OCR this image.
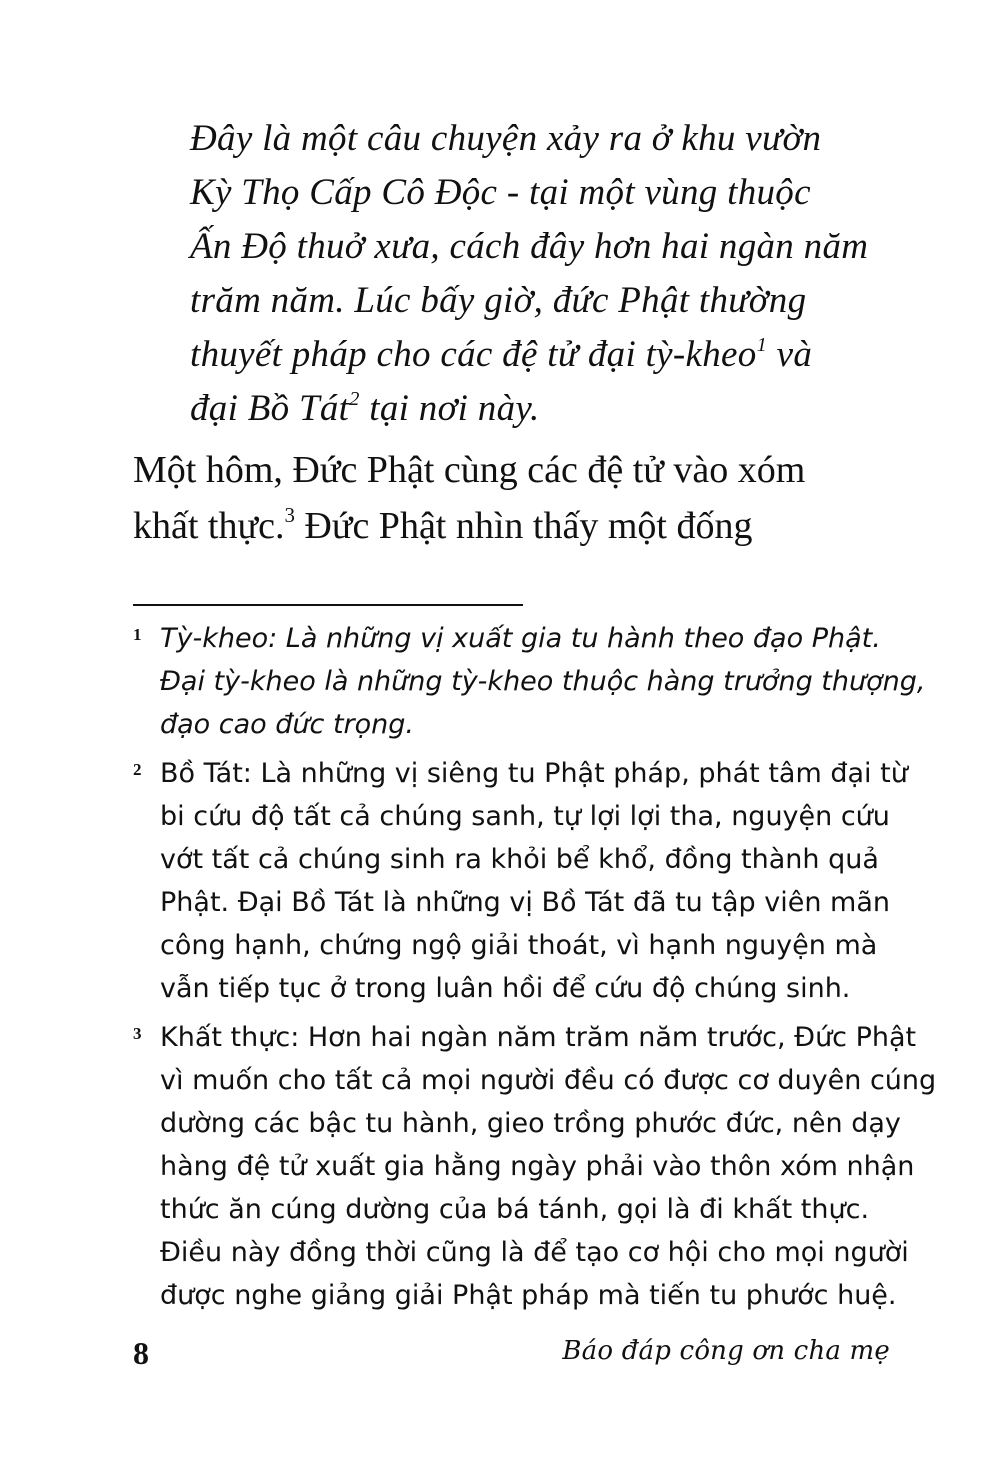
Đây là một câu chuyện xảy ra ở khu vườn
Kỳ Thọ Cấp Cô Độc - tại một vùng thuộc
Ấn Độ thuở xưa, cách đây hơn hai ngàn năm
trăm năm. Lúc bấy giờ, đức Phật thường
thuyết pháp cho các đệ tử đại tỳ-kheo$^1$ và
đại Bồ Tát$^2$ tại nơi này.
Một hôm, Đức Phật cùng các đệ tử vào xóm
khất thực.$^3$ Đức Phật nhìn thấy một đống
1 Tỳ-kheo: Là những vị xuất gia tu hành theo đạo Phật.
Đại tỳ-kheo là những tỳ-kheo thuộc hàng trưởng thượng,
đạo cao đức trọng.
2 Bồ Tát: Là những vị siêng tu Phật pháp, phát tâm đại từ
bi cứu độ tất cả chúng sanh, tự lợi lợi tha, nguyện cứu
vớt tất cả chúng sinh ra khỏi bể khổ, đồng thành quả
Phật. Đại Bồ Tát là những vị Bồ Tát đã tu tập viên mãn
công hạnh, chứng ngộ giải thoát, vì hạnh nguyện mà
vẫn tiếp tục ở trong luân hồi để cứu độ chúng sinh.
3 Khất thực: Hơn hai ngàn năm trăm năm trước, Đức Phật
vì muốn cho tất cả mọi người đều có được cơ duyên cúng
dường các bậc tu hành, gieo trồng phước đức, nên dạy
hàng đệ tử xuất gia hằng ngày phải vào thôn xóm nhận
thức ăn cúng dường của bá tánh, gọi là đi khất thực.
Điều này đồng thời cũng là để tạo cơ hội cho mọi người
được nghe giảng giải Phật pháp mà tiến tu phước huệ.
8	Báo đáp công ơn cha mẹ
